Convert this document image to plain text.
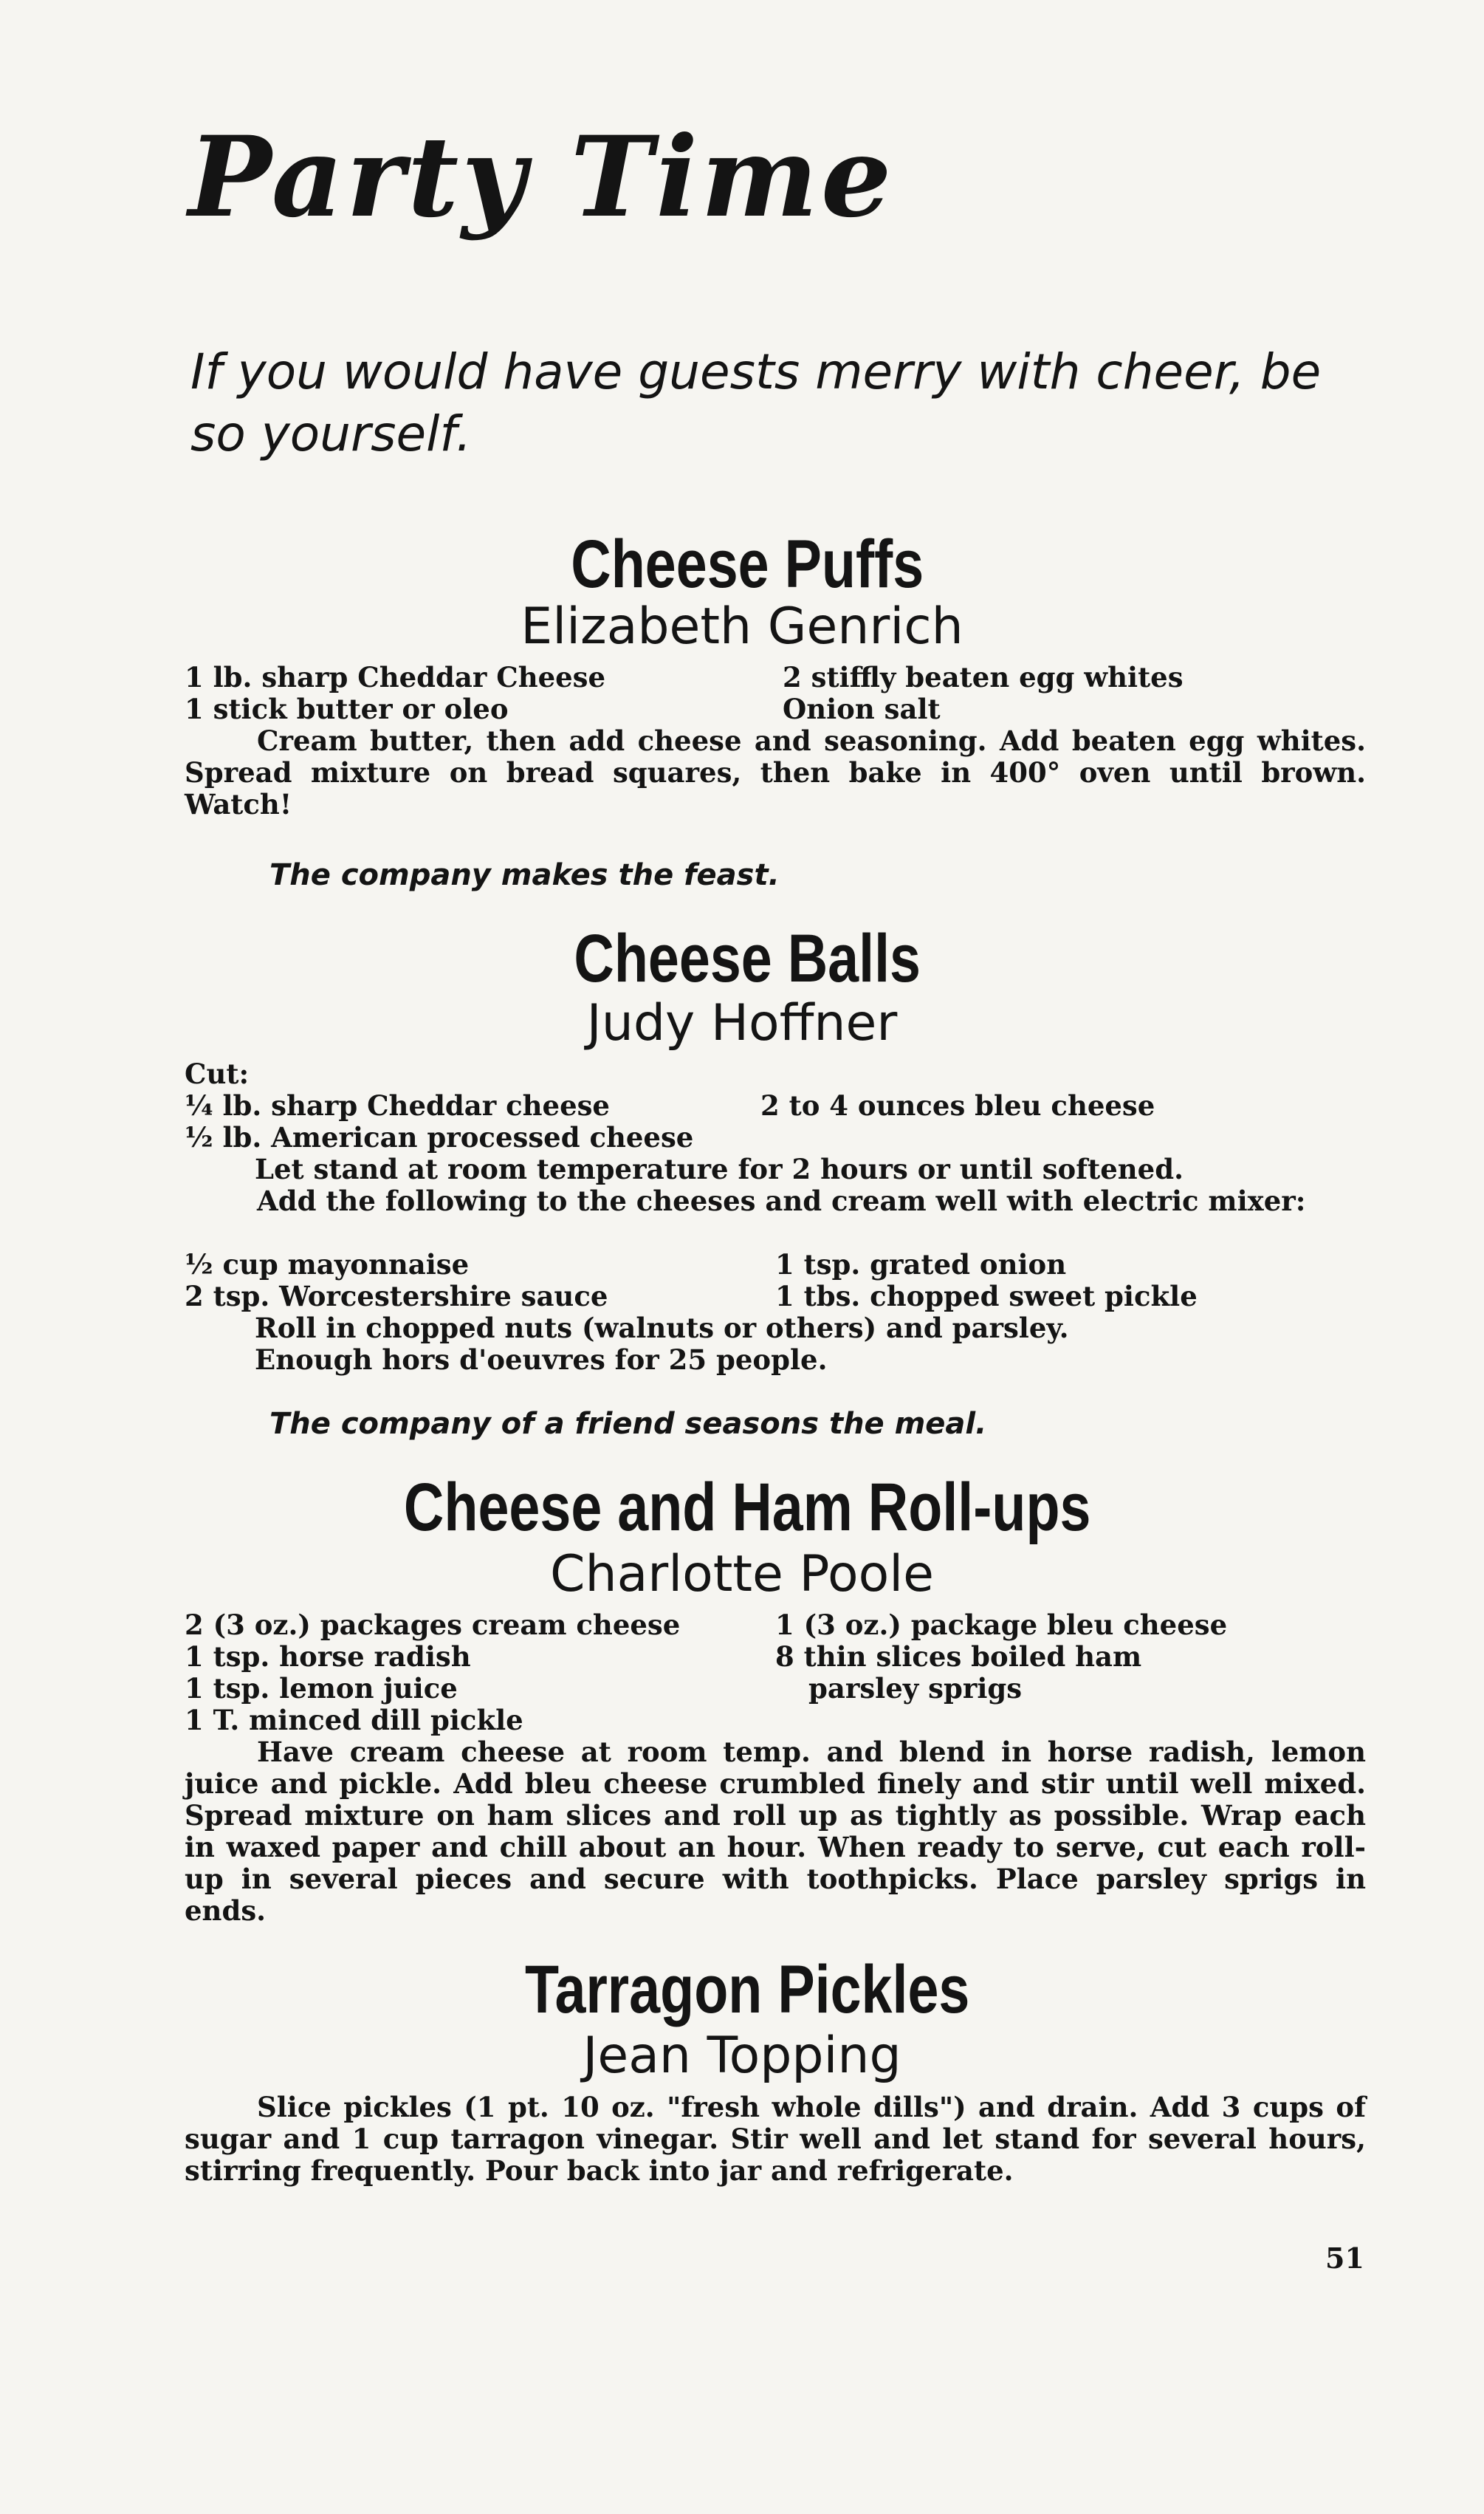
Party Time

If you would have guests merry with cheer, be so yourself.

Cheese Puffs

Elizabeth Genrich

1 lb. sharp Cheddar Cheese	2 stiffly beaten egg whites
1 stick butter or oleo	Onion salt

Cream butter, then add cheese and seasoning. Add beaten egg whites. Spread mixture on bread squares, then bake in 400° oven until brown. Watch!

The company makes the feast.

Cheese Balls

Judy Hoffner

Cut:
¼ lb. sharp Cheddar cheese	2 to 4 ounces bleu cheese
½ lb. American processed cheese
Let stand at room temperature for 2 hours or until softened.

Add the following to the cheeses and cream well with electric mixer:

½ cup mayonnaise	1 tsp. grated onion
2 tsp. Worcestershire sauce	1 tbs. chopped sweet pickle
Roll in chopped nuts (walnuts or others) and parsley.
Enough hors d'oeuvres for 25 people.

The company of a friend seasons the meal.

Cheese and Ham Roll-ups

Charlotte Poole

2 (3 oz.) packages cream cheese	1 (3 oz.) package bleu cheese
1 tsp. horse radish	8 thin slices boiled ham
1 tsp. lemon juice	parsley sprigs
1 T. minced dill pickle

Have cream cheese at room temp. and blend in horse radish, lemon juice and pickle. Add bleu cheese crumbled finely and stir until well mixed. Spread mixture on ham slices and roll up as tightly as possible. Wrap each in waxed paper and chill about an hour. When ready to serve, cut each roll-up in several pieces and secure with toothpicks. Place parsley sprigs in ends.

Tarragon Pickles

Jean Topping

Slice pickles (1 pt. 10 oz. "fresh whole dills") and drain. Add 3 cups of sugar and 1 cup tarragon vinegar. Stir well and let stand for several hours, stirring frequently. Pour back into jar and refrigerate.

51
